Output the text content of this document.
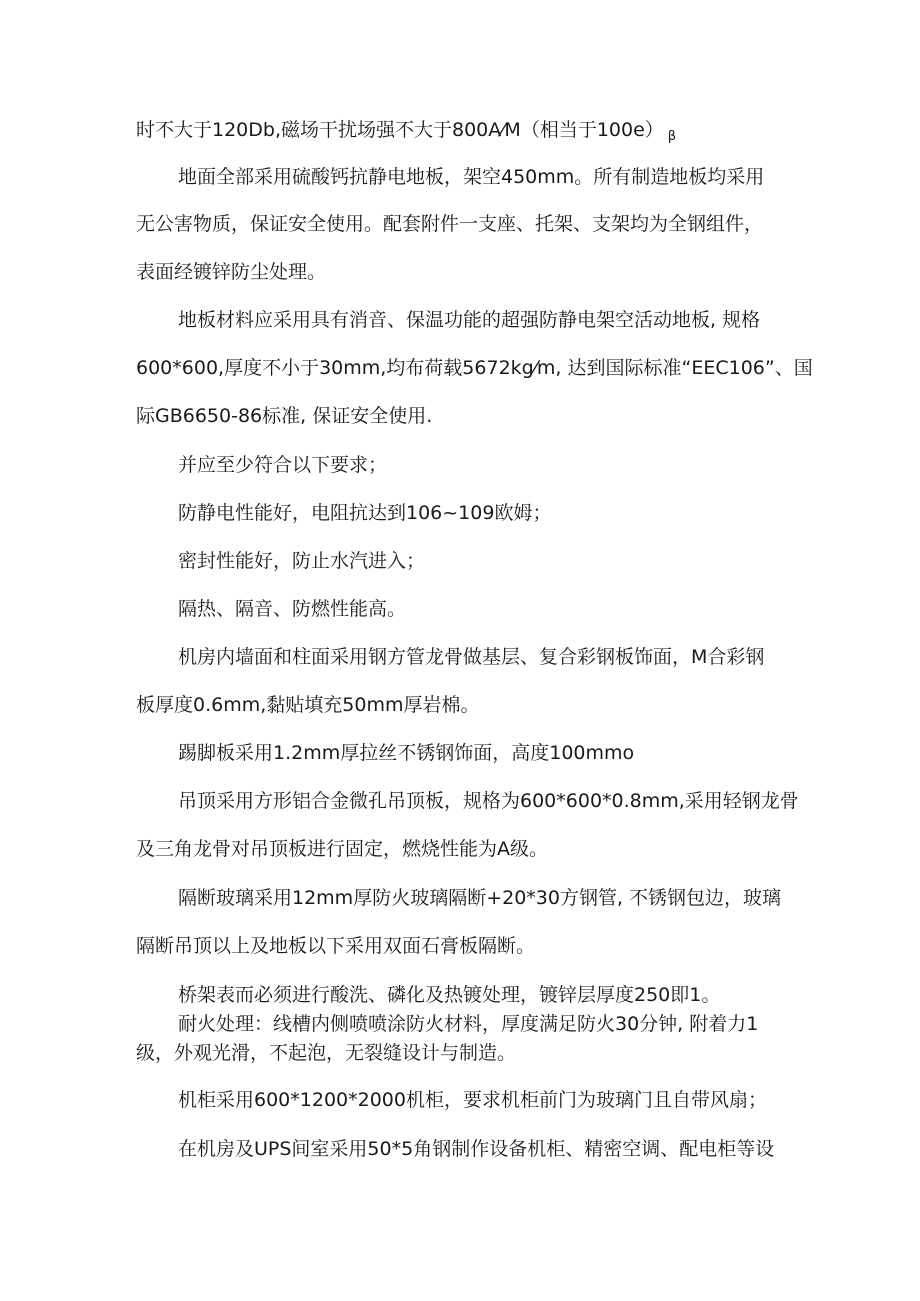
时不大于120Db,磁场干扰场强不大于800A⁄M（相当于100e） $_\beta$
地面全部采用硫酸钙抗静电地板，架空450mm。所有制造地板均采用
无公害物质，保证安全使用。配套附件一支座、托架、支架均为全钢组件，
表面经镀锌防尘处理。
地板材料应采用具有消音、保温功能的超强防静电架空活动地板, 规格
600*600,厚度不小于30mm,均布荷载5672kg⁄m, 达到国际标准“EEC106”、国
际GB6650-86标准, 保证安全使用.
并应至少符合以下要求；
防静电性能好，电阻抗达到106~109欧姆；
密封性能好，防止水汽进入；
隔热、隔音、防燃性能高。
机房内墙面和柱面采用钢方管龙骨做基层、复合彩钢板饰面，M合彩钢
板厚度0.6mm,黏贴填充50mm厚岩棉。
踢脚板采用1.2mm厚拉丝不锈钢饰面，高度100mmo
吊顶采用方形铝合金微孔吊顶板，规格为600*600*0.8mm,采用轻钢龙骨
及三角龙骨对吊顶板进行固定，燃烧性能为A级。
隔断玻璃采用12mm厚防火玻璃隔断+20*30方钢管, 不锈钢包边，玻璃
隔断吊顶以上及地板以下采用双面石膏板隔断。
桥架表而必须进行酸洗、磷化及热镀处理，镀锌层厚度250即1。
耐火处理：线槽内侧喷喷涂防火材料，厚度满足防火30分钟, 附着力1
级，外观光滑，不起泡，无裂缝设计与制造。
机柜采用600*1200*2000机柜，要求机柜前门为玻璃门且自带风扇；
在机房及UPS间室采用50*5角钢制作设备机柜、精密空调、配电柜等设
